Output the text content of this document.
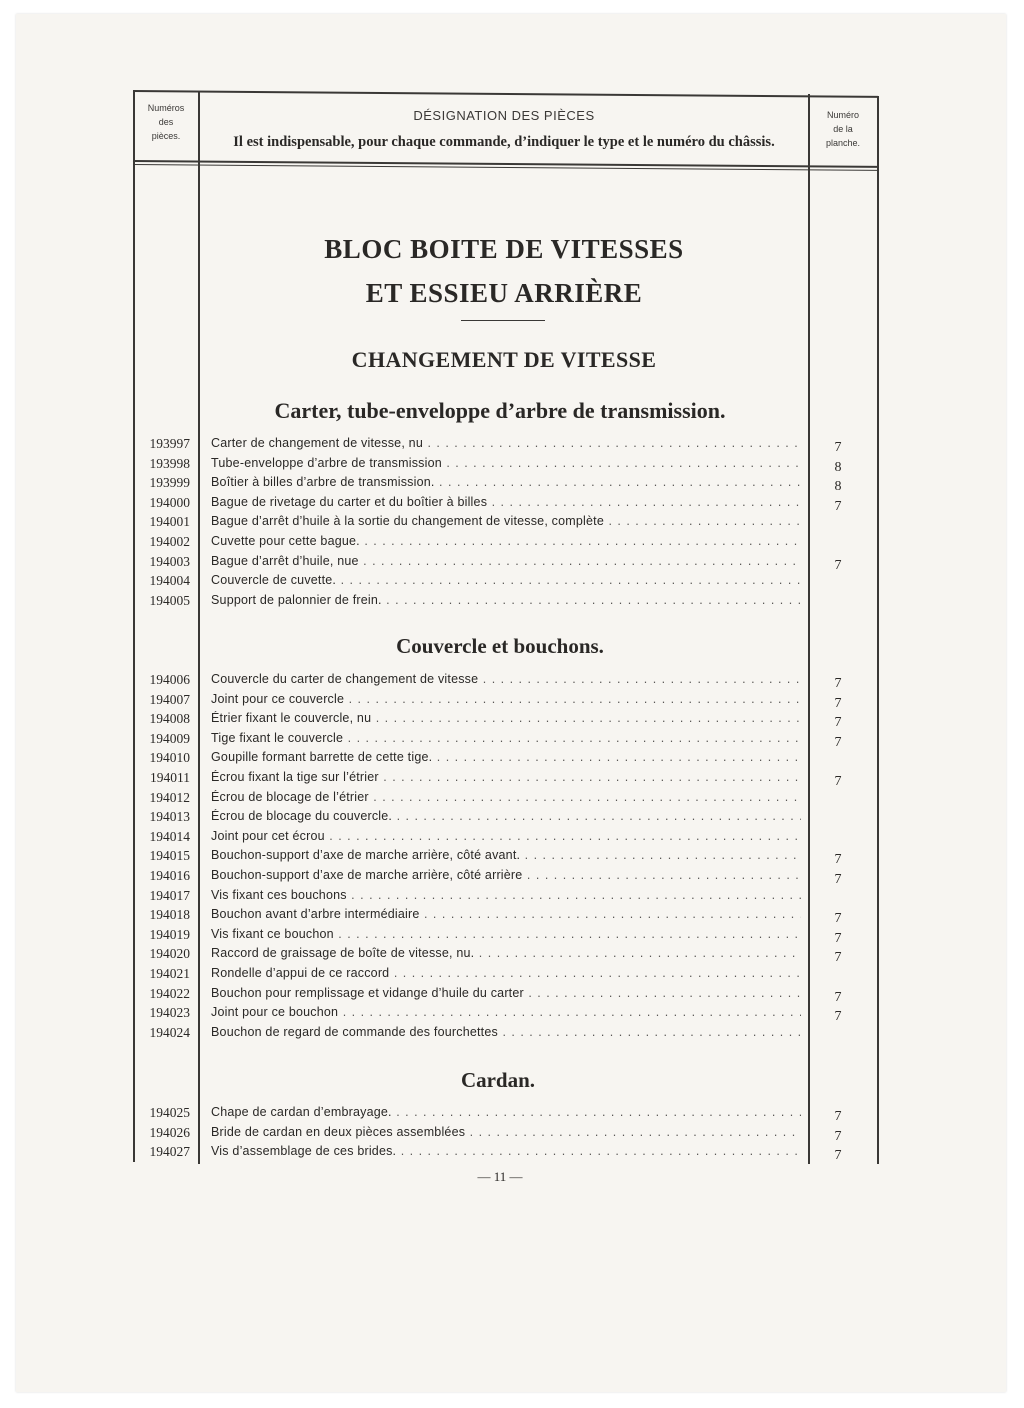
Numéros
des
pièces.
DÉSIGNATION DES PIÈCES
Il est indispensable, pour chaque commande, d’indiquer le type et le numéro du châssis.
Numéro
de la
planche.
BLOC BOITE DE VITESSES
ET ESSIEU ARRIÈRE
CHANGEMENT DE VITESSE
Carter, tube-enveloppe d’arbre de transmission.
Couvercle et bouchons.
Cardan.
193997 Carter de changement de vitesse, nu . .	7
193998 Tube-enveloppe d’arbre de transmission . .	8
193999 Boîtier à billes d’arbre de transmission. . .	8
194000 Bague de rivetage du carter et du boîtier à billes . .	7
194001 Bague d’arrêt d’huile à la sortie du changement de vitesse, complète . .
194002 Cuvette pour cette bague. . .
194003 Bague d’arrêt d’huile, nue . .	7
194004 Couvercle de cuvette. . .
194005 Support de palonnier de frein. . .
194006 Couvercle du carter de changement de vitesse . .	7
194007 Joint pour ce couvercle . .	7
194008 Étrier fixant le couvercle, nu . .	7
194009 Tige fixant le couvercle . .	7
194010 Goupille formant barrette de cette tige. . .
194011 Écrou fixant la tige sur l’étrier . .	7
194012 Écrou de blocage de l’étrier . .
194013 Écrou de blocage du couvercle. . .
194014 Joint pour cet écrou . .
194015 Bouchon-support d’axe de marche arrière, côté avant. . .	7
194016 Bouchon-support d’axe de marche arrière, côté arrière . .	7
194017 Vis fixant ces bouchons . .
194018 Bouchon avant d’arbre intermédiaire . .	7
194019 Vis fixant ce bouchon . .	7
194020 Raccord de graissage de boîte de vitesse, nu. . .	7
194021 Rondelle d’appui de ce raccord . .
194022 Bouchon pour remplissage et vidange d’huile du carter . .	7
194023 Joint pour ce bouchon . .	7
194024 Bouchon de regard de commande des fourchettes . .
194025 Chape de cardan d’embrayage. . .	7
194026 Bride de cardan en deux pièces assemblées . .	7
194027 Vis d’assemblage de ces brides. . .	7
— 11 —
